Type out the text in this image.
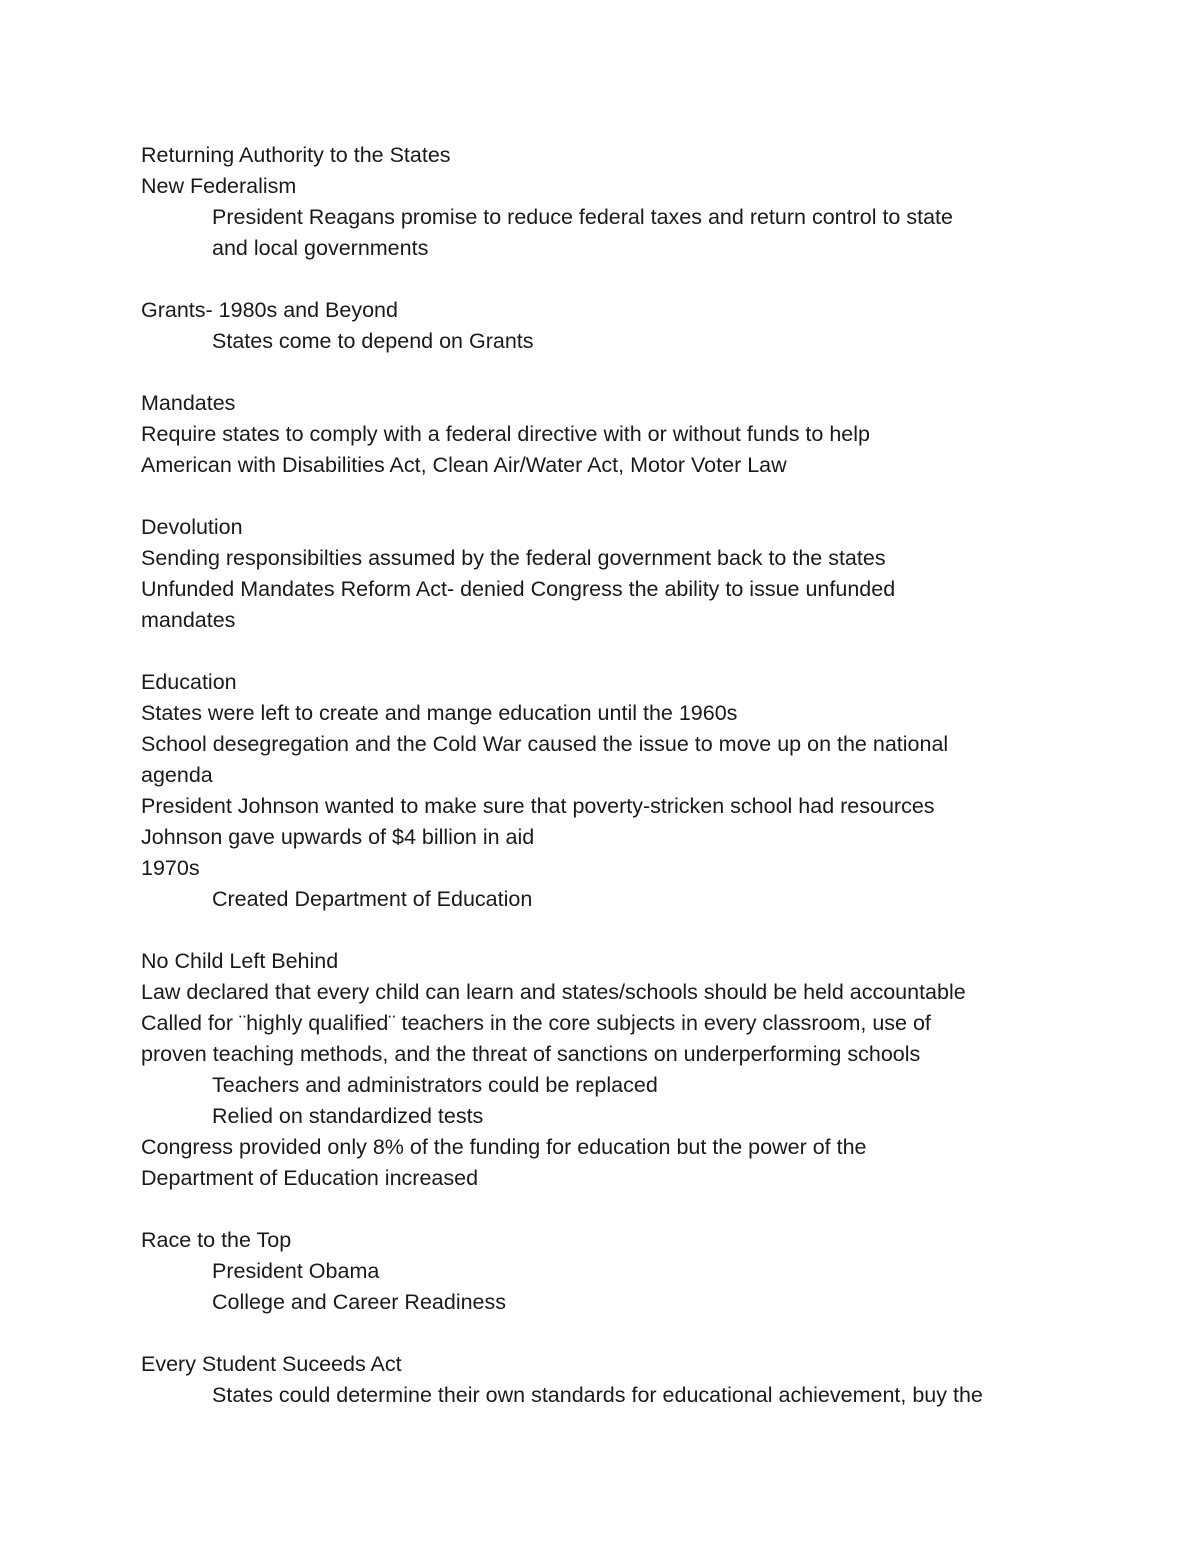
Returning Authority to the States

New Federalism

President Reagans promise to reduce federal taxes and return control to state

and local governments

Grants- 1980s and Beyond

States come to depend on Grants

Mandates

Require states to comply with a federal directive with or without funds to help

American with Disabilities Act, Clean Air/Water Act, Motor Voter Law

Devolution

Sending responsibilties assumed by the federal government back to the states

Unfunded Mandates Reform Act- denied Congress the ability to issue unfunded

mandates

Education

States were left to create and mange education until the 1960s

School desegregation and the Cold War caused the issue to move up on the national

agenda

President Johnson wanted to make sure that poverty-stricken school had resources

Johnson gave upwards of $4 billion in aid

1970s

Created Department of Education

No Child Left Behind

Law declared that every child can learn and states/schools should be held accountable

Called for ¨highly qualified¨ teachers in the core subjects in every classroom, use of

proven teaching methods, and the threat of sanctions on underperforming schools

Teachers and administrators could be replaced

Relied on standardized tests

Congress provided only 8% of the funding for education but the power of the

Department of Education increased

Race to the Top

President Obama

College and Career Readiness

Every Student Suceeds Act

States could determine their own standards for educational achievement, buy the
